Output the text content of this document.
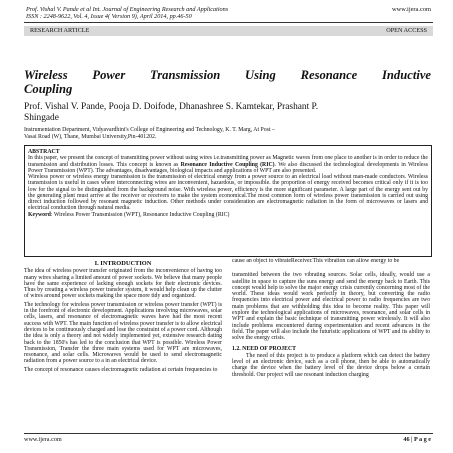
Prof. Vishal V. Pande et al Int. Journal of Engineering Research and Applications
ISSN : 2248-9622, Vol. 4, Issue 4( Version 9), April 2014, pp.46-50
www.ijera.com
RESEARCH ARTICLE	OPEN ACCESS
Wireless Power Transmission Using Resonance Inductive
Coupling
Prof. Vishal V. Pande, Pooja D. Doifode, Dhanashree S. Kamtekar, Prashant P.
Shingade
Instrumentation Department, Vidyavardhini's College of Engineering and Technology, K. T. Marg, At Post –
Vasai Road (W), Thane, Mumbai University,Pin-401202.

ABSTRACT

In this paper, we present the concept of transmitting power without using wires i.e.transmitting power as Magnetic waves from one place to another is in order to reduce the transmission and distribution losses. This concept is known as Resonance Inductive Coupling (RIC). We also discussed the technological developments in Wireless Power Transmission (WPT). The advantages, disadvantages, biological impacts and applications of WPT are also presented.

Wireless power or wireless energy transmission is the transmission of electrical energy from a power source to an electrical load without man-made conductors. Wireless transmission is useful in cases where interconnecting wires are inconvenient, hazardous, or impossible. the proportion of energy received becomes critical only if it is too low for the signal to be distinguished from the background noise. With wireless power, efficiency is the more significant parameter. A large part of the energy sent out by the generating plant must arrive at the receiver or receivers to make the system economical.The most common form of wireless power transmission is carried out using direct induction followed by resonant magnetic induction. Other methods under consideration are electromagnetic radiation in the form of microwaves or lasers and electrical conduction through natural media.

Keyword: Wireless Power Transmission (WPT), Resonance Inductive Coupling (RIC)

I. INTRODUCTION

The idea of wireless power transfer originated from the inconvenience of having too many wires sharing a limited amount of power sockets. We believe that many people have the same experience of lacking enough sockets for their electronic devices. Thus by creating a wireless power transfer system, it would help clean up the clutter of wires around power sockets making the space more tidy and organized.

The technology for wireless power transmission or wireless power transfer (WPT) is in the forefront of electronic development. Applications involving microwaves, solar cells, lasers, and resonance of electromagnetic waves have had the most recent success with WPT. The main function of wireless power transfer is to allow electrical devices to be continuously charged and lose the constraint of a power cord. Although the idea is only a theory and not widely implemented yet, extensive research dating back to the 1850's has led to the conclusion that WPT is possible. Wireless Power Transmission, Transfer the three main systems used for WPT are microwaves, resonance, and solar cells. Microwaves would be used to send electromagnetic radiation from a power source to a in an electrical device.

The concept of resonance causes electromagnetic radiation at certain frequencies to

cause an object to vibrateReceiver.This vibration can allow energy to be

transmitted between the two vibrating sources. Solar cells, ideally, would use a satellite in space to capture the suns energy and send the energy back to Earth. This concept would help to solve the major energy crisis currently concerning most of the world. These ideas would work perfectly in theory, but converting the radio frequencies into electrical power and electrical power to radio frequencies are two main problems that are withholding this idea to become reality. This paper will explore the technological applications of microwaves, resonance, and solar cells in WPT and explain the basic technique of transmitting power wirelessly. It will also include problems encountered during experimentation and recent advances in the field. The paper will also include the futuristic applications of WPT and its ability to solve the energy crisis.

1.2. NEED OF PROJECT

The need of this project is to produce a platform which can detect the battery level of an electronic device, such as a cell phone, then be able to automatically charge the device when the battery level of the device drops below a certain threshold. Our project will use resonant induction charging

www.ijera.com	46 | P a g e
